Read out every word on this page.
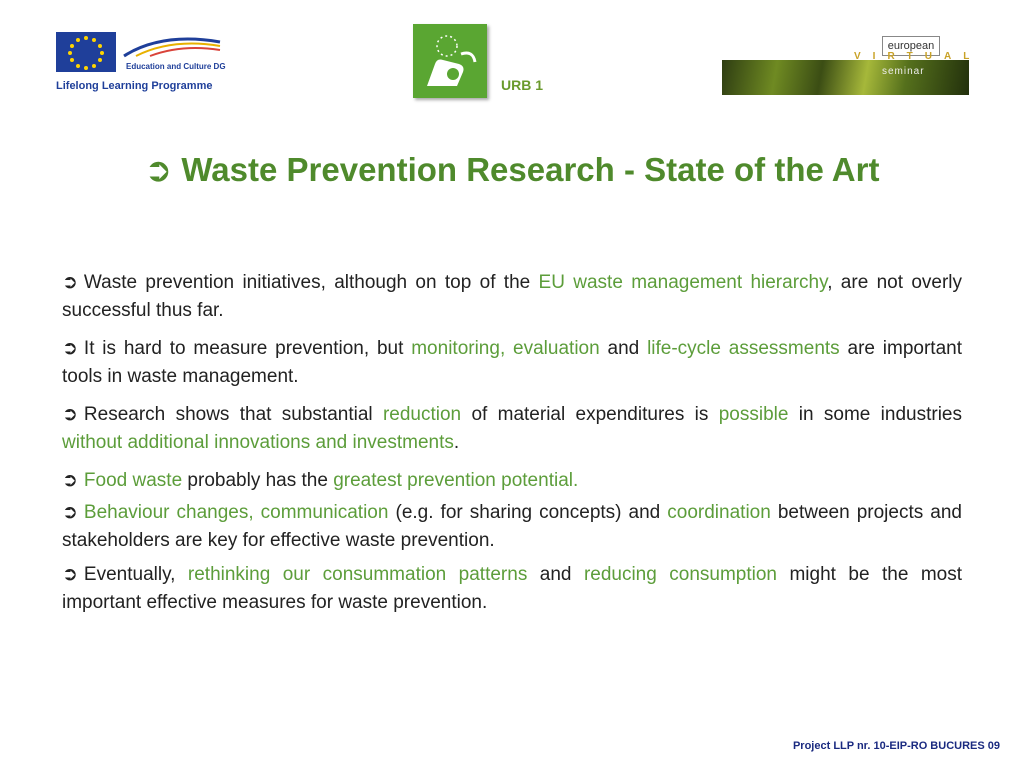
Education and Culture DG
Lifelong Learning Programme	URB 1
european
VIRTUAL
seminar
➲ Waste Prevention Research - State of the Art

➲ Waste prevention initiatives, although on top of the EU waste management hierarchy, are not overly successful thus far.

➲ It is hard to measure prevention, but monitoring, evaluation and life-cycle assessments are important tools in waste management.

➲ Research shows that substantial reduction of material expenditures is possible in some industries without additional innovations and investments.

➲ Food waste probably has the greatest prevention potential.

➲ Behaviour changes, communication (e.g. for sharing concepts) and coordination between projects and stakeholders are key for effective waste prevention.

➲ Eventually, rethinking our consummation patterns and reducing consumption might be the most important effective measures for waste prevention.

Project LLP nr. 10-EIP-RO BUCURES 09
